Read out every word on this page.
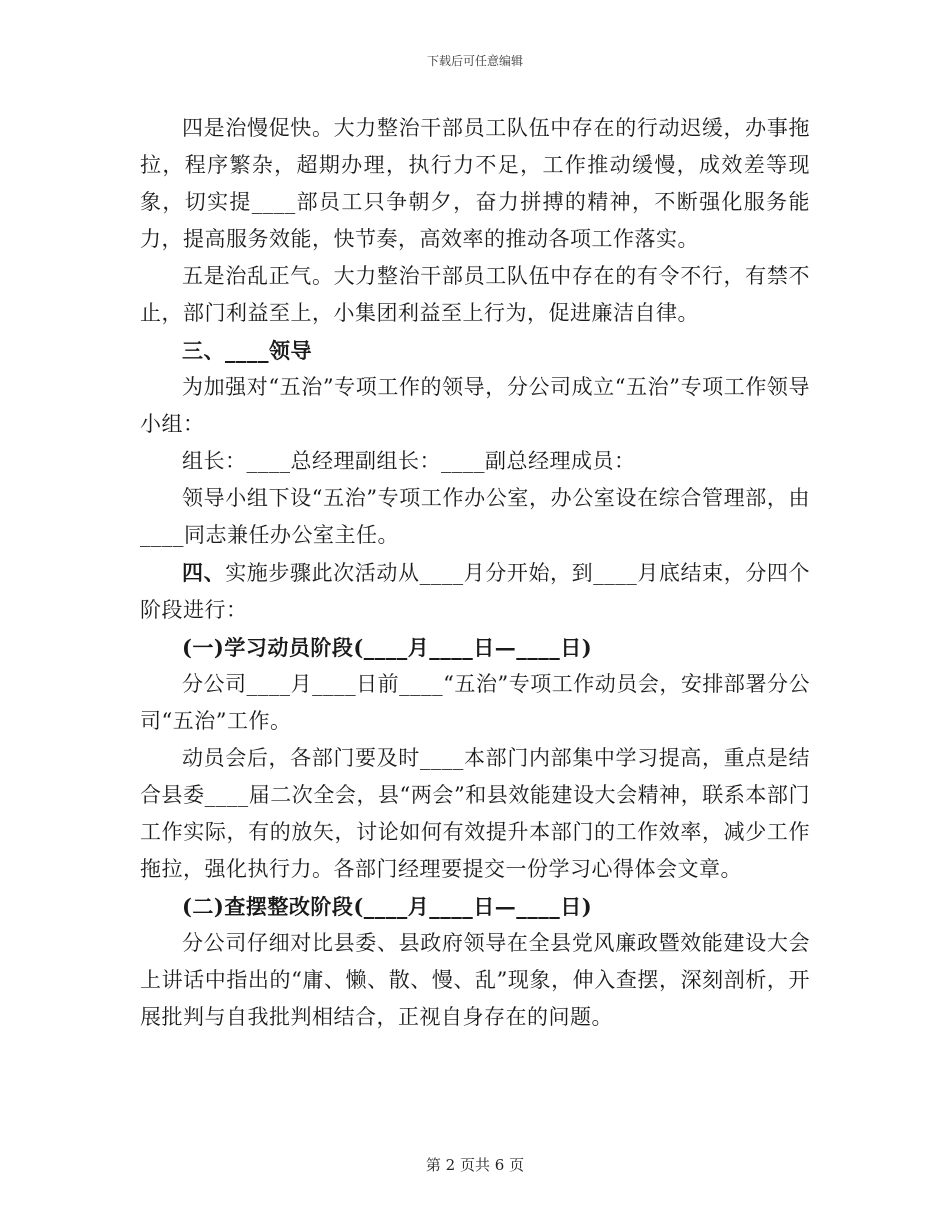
下载后可任意编辑

四是治慢促快。大力整治干部员工队伍中存在的行动迟缓，办事拖拉，程序繁杂，超期办理，执行力不足，工作推动缓慢，成效差等现象，切实提____部员工只争朝夕，奋力拼搏的精神，不断强化服务能力，提高服务效能，快节奏，高效率的推动各项工作落实。

五是治乱正气。大力整治干部员工队伍中存在的有令不行，有禁不止，部门利益至上，小集团利益至上行为，促进廉洁自律。

三、____领导

为加强对“五治”专项工作的领导，分公司成立“五治”专项工作领导小组：

组长：____总经理副组长：____副总经理成员：

领导小组下设“五治”专项工作办公室，办公室设在综合管理部，由____同志兼任办公室主任。

四、实施步骤此次活动从____月分开始，到____月底结束，分四个阶段进行：

(一)学习动员阶段(____月____日—____日)

分公司____月____日前____“五治”专项工作动员会，安排部署分公司“五治”工作。

动员会后，各部门要及时____本部门内部集中学习提高，重点是结合县委____届二次全会，县“两会”和县效能建设大会精神，联系本部门工作实际，有的放矢，讨论如何有效提升本部门的工作效率，减少工作拖拉，强化执行力。各部门经理要提交一份学习心得体会文章。

(二)查摆整改阶段(____月____日—____日)

分公司仔细对比县委、县政府领导在全县党风廉政暨效能建设大会上讲话中指出的“庸、懒、散、慢、乱”现象，伸入查摆，深刻剖析，开展批判与自我批判相结合，正视自身存在的问题。

第 2 页共 6 页
